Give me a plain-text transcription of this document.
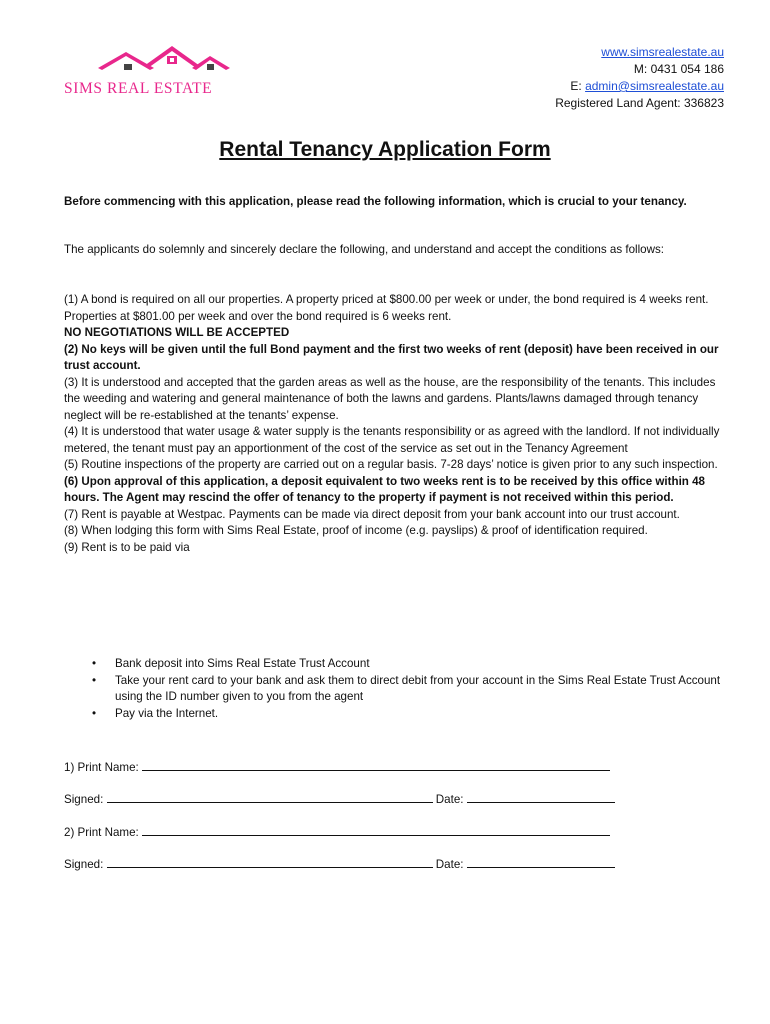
SIMS REAL ESTATE
www.simsrealestate.au
M: 0431 054 186
E: admin@simsrealestate.au
Registered Land Agent: 336823
Rental Tenancy Application Form
Before commencing with this application, please read the following information, which is crucial to your tenancy.
The applicants do solemnly and sincerely declare the following, and understand and accept the conditions as follows:

(1) A bond is required on all our properties. A property priced at $800.00 per week or under, the bond required is 4 weeks rent. Properties at $801.00 per week and over the bond required is 6 weeks rent.

NO NEGOTIATIONS WILL BE ACCEPTED

(2) No keys will be given until the full Bond payment and the first two weeks of rent (deposit) have been received in our trust account.

(3) It is understood and accepted that the garden areas as well as the house, are the responsibility of the tenants. This includes the weeding and watering and general maintenance of both the lawns and gardens. Plants/lawns damaged through tenancy neglect will be re-established at the tenants’ expense.

(4) It is understood that water usage & water supply is the tenants responsibility or as agreed with the landlord. If not individually metered, the tenant must pay an apportionment of the cost of the service as set out in the Tenancy Agreement

(5) Routine inspections of the property are carried out on a regular basis. 7-28 days’ notice is given prior to any such inspection.

(6) Upon approval of this application, a deposit equivalent to two weeks rent is to be received by this office within 48 hours. The Agent may rescind the offer of tenancy to the property if payment is not received within this period.

(7) Rent is payable at Westpac. Payments can be made via direct deposit from your bank account into our trust account.

(8) When lodging this form with Sims Real Estate, proof of income (e.g. payslips) & proof of identification required.

(9) Rent is to be paid via

• Bank deposit into Sims Real Estate Trust Account
• Take your rent card to your bank and ask them to direct debit from your account in the Sims Real Estate Trust Account using the ID number given to you from the agent
• Pay via the Internet.
1) Print Name:
Signed:	Date:
2) Print Name:
Signed:	Date:
